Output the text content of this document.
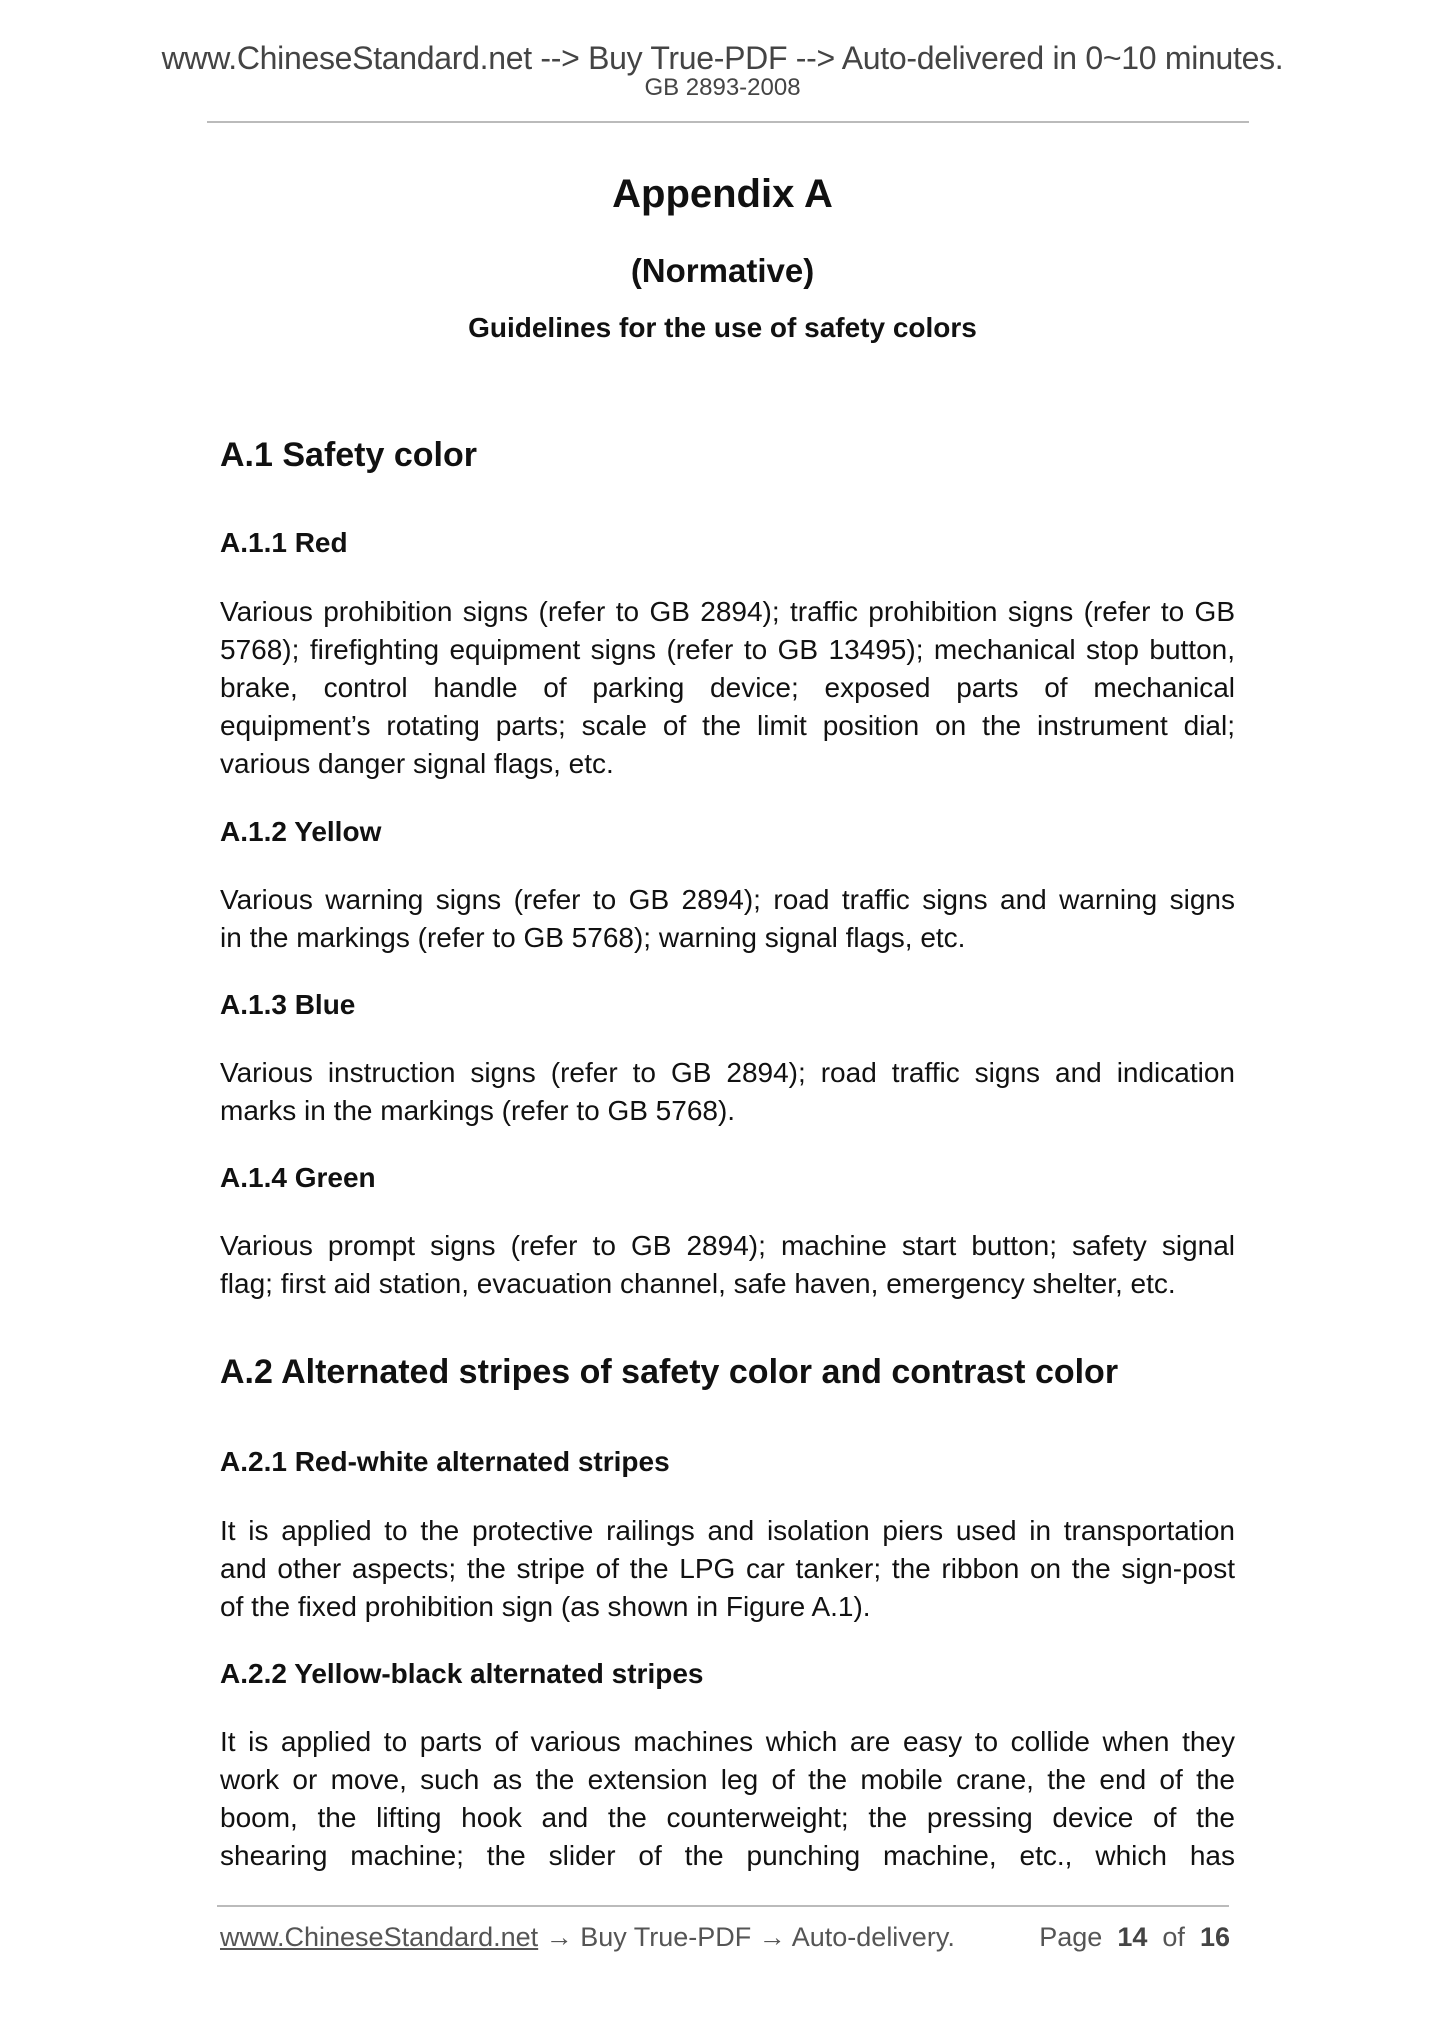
www.ChineseStandard.net --> Buy True-PDF --> Auto-delivered in 0~10 minutes.
GB 2893-2008
Appendix A
(Normative)
Guidelines for the use of safety colors
A.1 Safety color
A.1.1 Red
Various prohibition signs (refer to GB 2894); traffic prohibition signs (refer to GB
5768); firefighting equipment signs (refer to GB 13495); mechanical stop button,
brake, control handle of parking device; exposed parts of mechanical
equipment’s rotating parts; scale of the limit position on the instrument dial;
various danger signal flags, etc.
A.1.2 Yellow
Various warning signs (refer to GB 2894); road traffic signs and warning signs
in the markings (refer to GB 5768); warning signal flags, etc.
A.1.3 Blue
Various instruction signs (refer to GB 2894); road traffic signs and indication
marks in the markings (refer to GB 5768).
A.1.4 Green
Various prompt signs (refer to GB 2894); machine start button; safety signal
flag; first aid station, evacuation channel, safe haven, emergency shelter, etc.
A.2 Alternated stripes of safety color and contrast color
A.2.1 Red-white alternated stripes
It is applied to the protective railings and isolation piers used in transportation
and other aspects; the stripe of the LPG car tanker; the ribbon on the sign-post
of the fixed prohibition sign (as shown in Figure A.1).
A.2.2 Yellow-black alternated stripes
It is applied to parts of various machines which are easy to collide when they
work or move, such as the extension leg of the mobile crane, the end of the
boom, the lifting hook and the counterweight; the pressing device of the
shearing machine; the slider of the punching machine, etc., which has
www.ChineseStandard.net → Buy True-PDF → Auto-delivery.	Page 14 of 16
